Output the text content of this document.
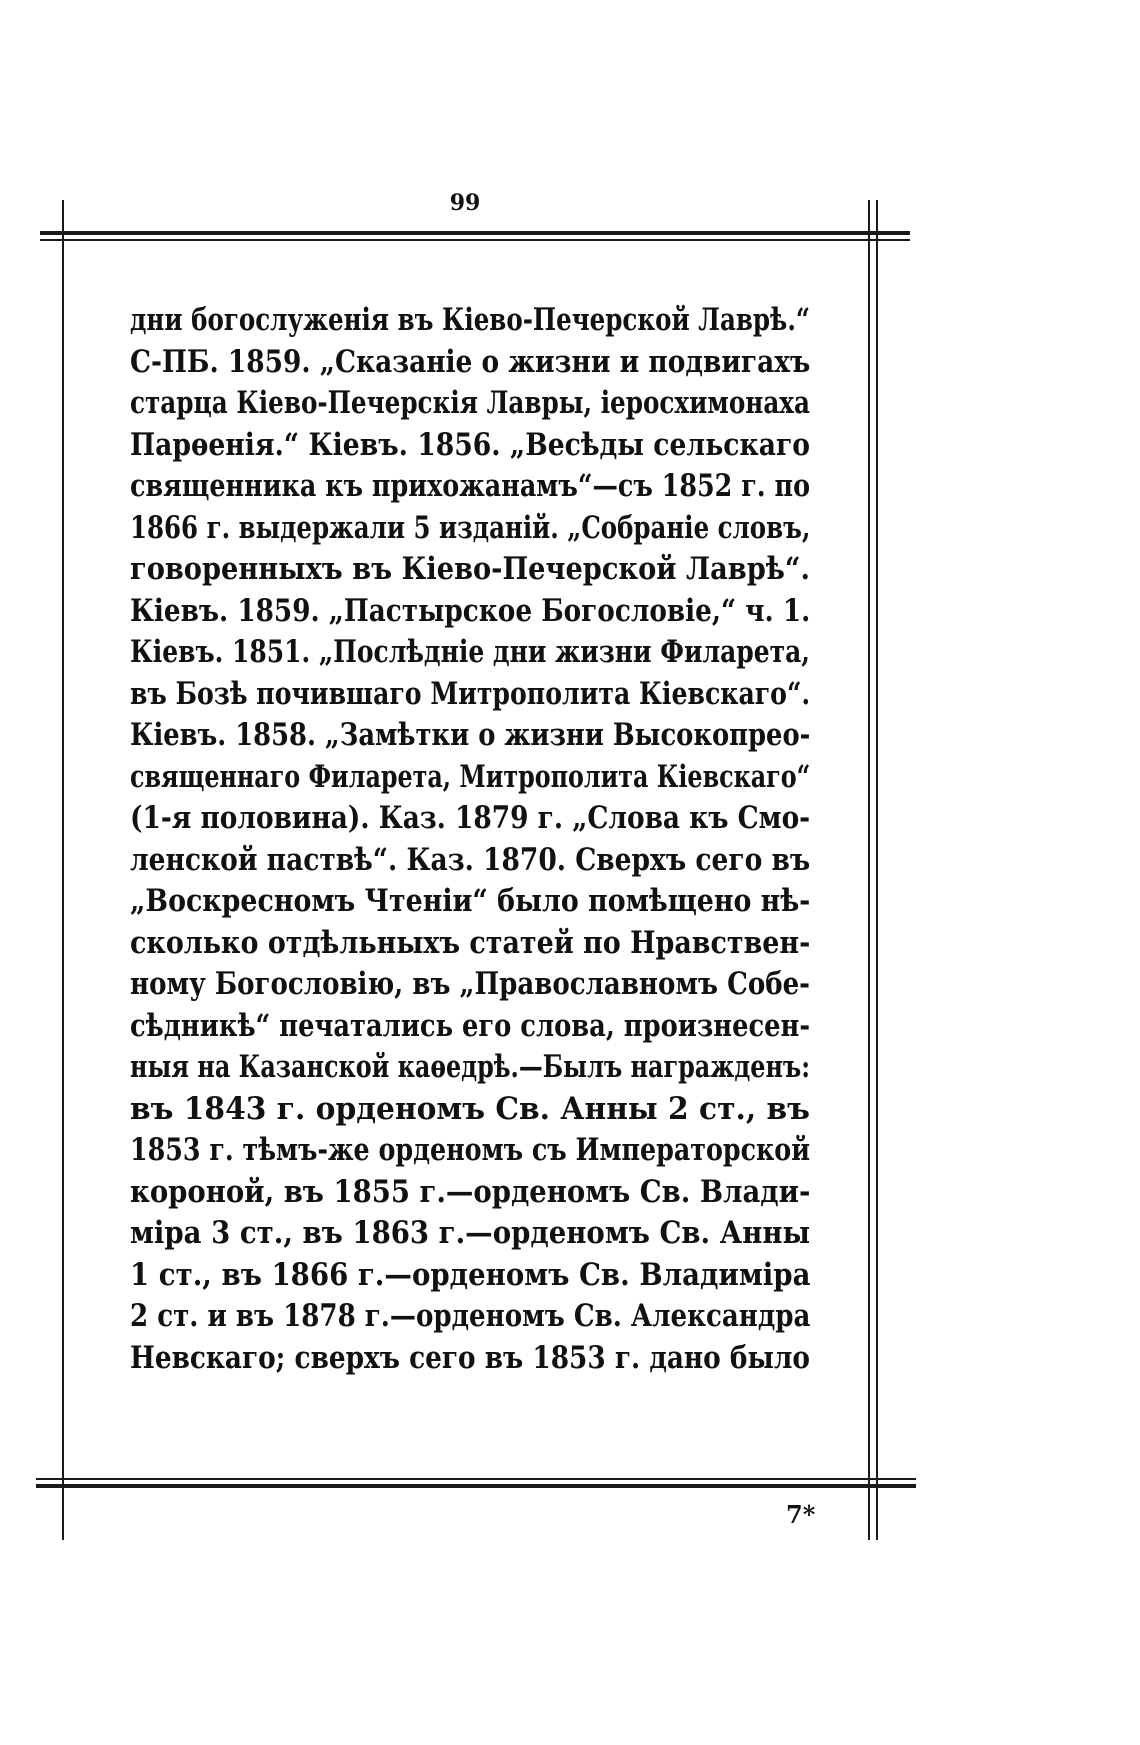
99
дни богослуженія въ Кіево-Печерской Лаврѣ.“
С-ПБ. 1859. „Сказаніе о жизни и подвигахъ
старца Кіево-Печерскія Лавры, іеросхимонаха
Парѳенія.“ Кіевъ. 1856. „Весѣды сельскаго
священника къ прихожанамъ“—съ 1852 г. по
1866 г. выдержали 5 изданій. „Собраніе словъ,
говоренныхъ въ Кіево-Печерской Лаврѣ“.
Кіевъ. 1859. „Пастырское Богословіе,“ ч. 1.
Кіевъ. 1851. „Послѣдніе дни жизни Филарета,
въ Бозѣ почившаго Митрополита Кіевскаго“.
Кіевъ. 1858. „Замѣтки о жизни Высокопрео-
священнаго Филарета, Митрополита Кіевскаго“
(1-я половина). Каз. 1879 г. „Слова къ Смо-
ленской паствѣ“. Каз. 1870. Сверхъ сего въ
„Воскресномъ Чтеніи“ было помѣщено нѣ-
сколько отдѣльныхъ статей по Нравствен-
ному Богословію, въ „Православномъ Собе-
сѣдникѣ“ печатались его слова, произнесен-
ныя на Казанской каѳедрѣ.—Былъ награжденъ:
въ 1843 г. орденомъ Св. Анны 2 ст., въ
1853 г. тѣмъ-же орденомъ съ Императорской
короной, въ 1855 г.—орденомъ Св. Влади-
міра 3 ст., въ 1863 г.—орденомъ Св. Анны
1 ст., въ 1866 г.—орденомъ Св. Владиміра
2 ст. и въ 1878 г.—орденомъ Св. Александра
Невскаго; сверхъ сего въ 1853 г. дано было
7*
